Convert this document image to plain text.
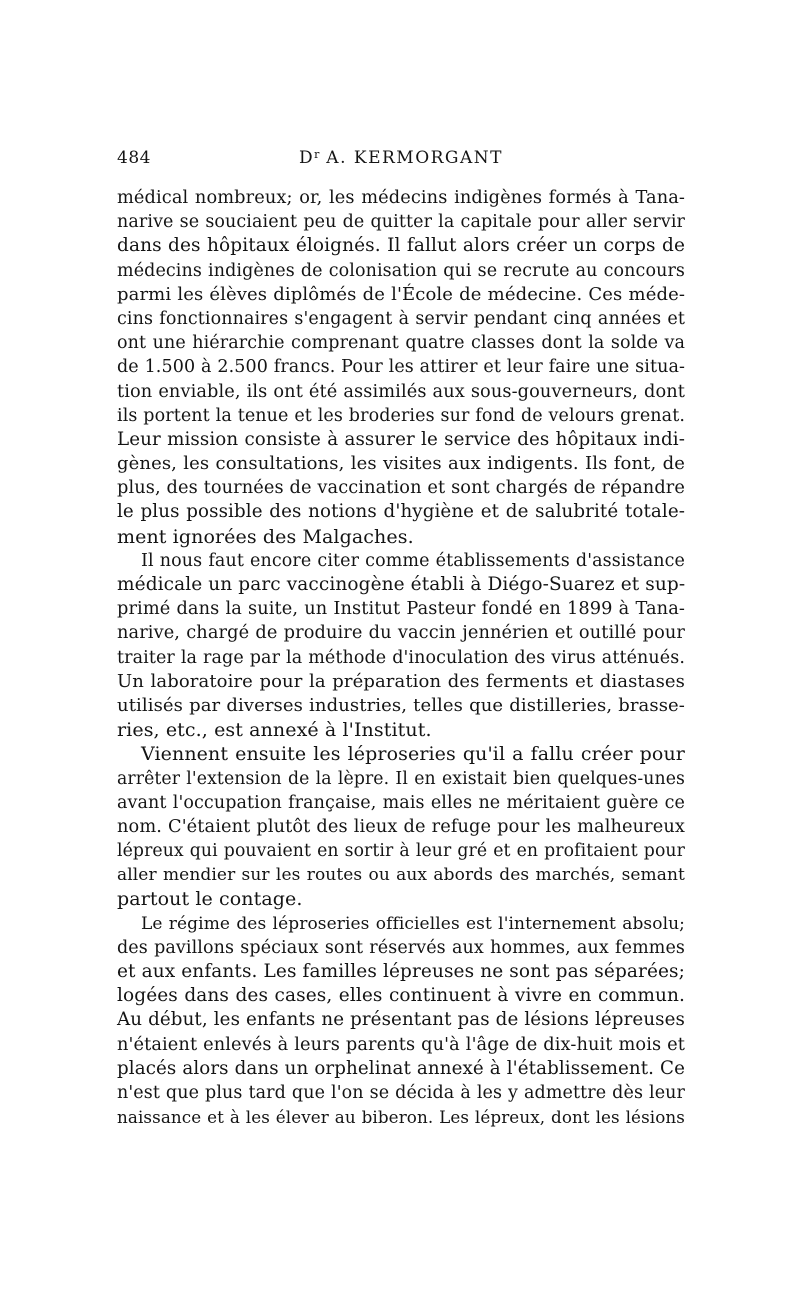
484	$D^r$ A. KERMORGANT
médical nombreux; or, les médecins indigènes formés à Tana-
narive se souciaient peu de quitter la capitale pour aller servir
dans des hôpitaux éloignés. Il fallut alors créer un corps de
médecins indigènes de colonisation qui se recrute au concours
parmi les élèves diplômés de l'École de médecine. Ces méde-
cins fonctionnaires s'engagent à servir pendant cinq années et
ont une hiérarchie comprenant quatre classes dont la solde va
de 1.500 à 2.500 francs. Pour les attirer et leur faire une situa-
tion enviable, ils ont été assimilés aux sous-gouverneurs, dont
ils portent la tenue et les broderies sur fond de velours grenat.
Leur mission consiste à assurer le service des hôpitaux indi-
gènes, les consultations, les visites aux indigents. Ils font, de
plus, des tournées de vaccination et sont chargés de répandre
le plus possible des notions d'hygiène et de salubrité totale-
ment ignorées des Malgaches.
Il nous faut encore citer comme établissements d'assistance
médicale un parc vaccinogène établi à Diégo-Suarez et sup-
primé dans la suite, un Institut Pasteur fondé en 1899 à Tana-
narive, chargé de produire du vaccin jennérien et outillé pour
traiter la rage par la méthode d'inoculation des virus atténués.
Un laboratoire pour la préparation des ferments et diastases
utilisés par diverses industries, telles que distilleries, brasse-
ries, etc., est annexé à l'Institut.
Viennent ensuite les léproseries qu'il a fallu créer pour
arrêter l'extension de la lèpre. Il en existait bien quelques-unes
avant l'occupation française, mais elles ne méritaient guère ce
nom. C'étaient plutôt des lieux de refuge pour les malheureux
lépreux qui pouvaient en sortir à leur gré et en profitaient pour
aller mendier sur les routes ou aux abords des marchés, semant
partout le contage.
Le régime des léproseries officielles est l'internement absolu;
des pavillons spéciaux sont réservés aux hommes, aux femmes
et aux enfants. Les familles lépreuses ne sont pas séparées;
logées dans des cases, elles continuent à vivre en commun.
Au début, les enfants ne présentant pas de lésions lépreuses
n'étaient enlevés à leurs parents qu'à l'âge de dix-huit mois et
placés alors dans un orphelinat annexé à l'établissement. Ce
n'est que plus tard que l'on se décida à les y admettre dès leur
naissance et à les élever au biberon. Les lépreux, dont les lésions
